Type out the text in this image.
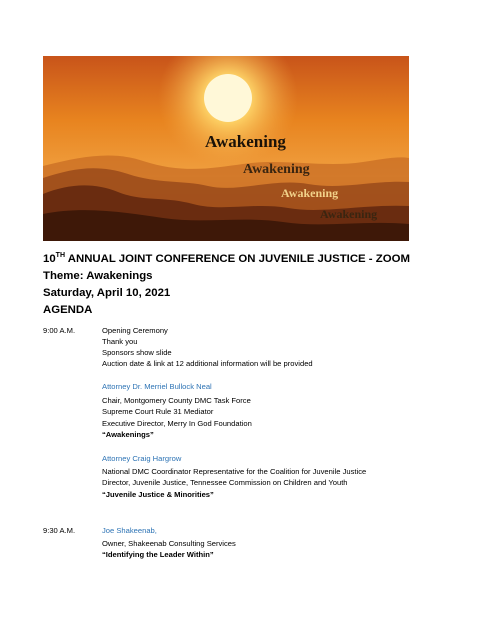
Awakening
Awakening
Awakening
Awakening
10TH ANNUAL JOINT CONFERENCE ON JUVENILE JUSTICE - ZOOM
Theme: Awakenings
Saturday, April 10, 2021
AGENDA
9:00 A.M.	Opening Ceremony
Thank you
Sponsors show slide
Auction date & link at 12 additional information will be provided
Attorney Dr. Merriel Bullock Neal
Chair, Montgomery County DMC Task Force
Supreme Court Rule 31 Mediator
Executive Director, Merry In God Foundation
“Awakenings”
Attorney Craig Hargrow
National DMC Coordinator Representative for the Coalition for Juvenile Justice
Director, Juvenile Justice, Tennessee Commission on Children and Youth
“Juvenile Justice & Minorities”
9:30 A.M.	Joe Shakeenab,
Owner, Shakeenab Consulting Services
“Identifying the Leader Within”
